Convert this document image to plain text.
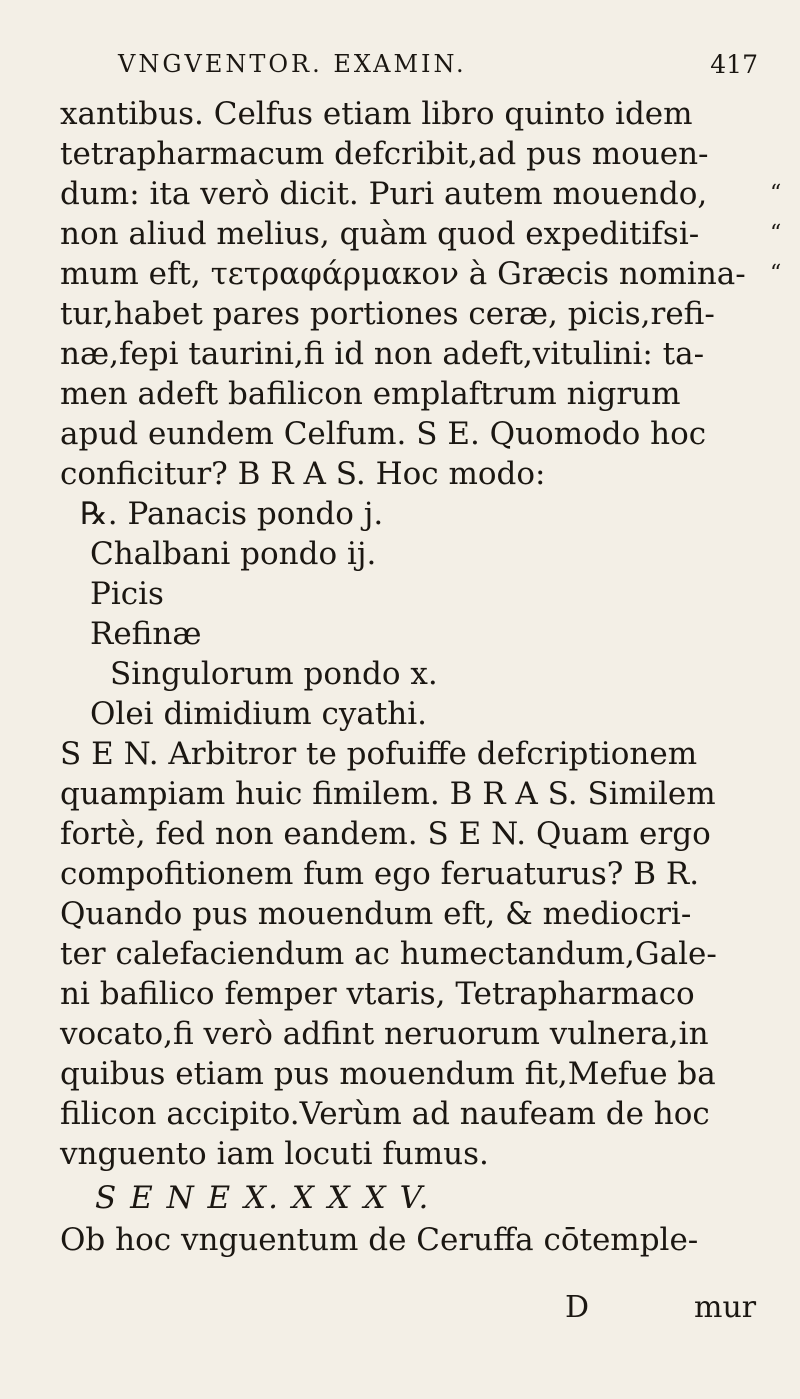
VNGVENTOR. EXAMIN.	417
xantibus. Celfus etiam libro quinto idem
tetrapharmacum defcribit,ad pus mouen-
dum: ita verò dicit. Puri autem mouendo,
non aliud melius, quàm quod expeditifsi-
mum eft, τετραφάρμακον à Græcis nomina-
tur,habet pares portiones ceræ, picis,refi-
næ,fepi taurini,fi id non adeft,vitulini: ta-
men adeft bafilicon emplaftrum nigrum
apud eundem Celfum. S E. Quomodo hoc
conficitur? B R A S. Hoc modo:
℞. Panacis pondo j.
Chalbani pondo ij.
Picis
Refinæ
Singulorum pondo x.
Olei dimidium cyathi.
S E N. Arbitror te pofuiffe defcriptionem
quampiam huic fimilem. B R A S. Similem
fortè, fed non eandem. S E N. Quam ergo
compofitionem fum ego feruaturus? B R.
Quando pus mouendum eft, & mediocri-
ter calefaciendum ac humectandum,Gale-
ni bafilico femper vtaris, Tetrapharmaco
vocato,fi verò adfint neruorum vulnera,in
quibus etiam pus mouendum fit,Mefue ba
filicon accipito.Verùm ad naufeam de hoc
vnguento iam locuti fumus.
S E N E X. X X X V.
Ob hoc vnguentum de Ceruffa cōtemple-
“
“
“
D	mur
